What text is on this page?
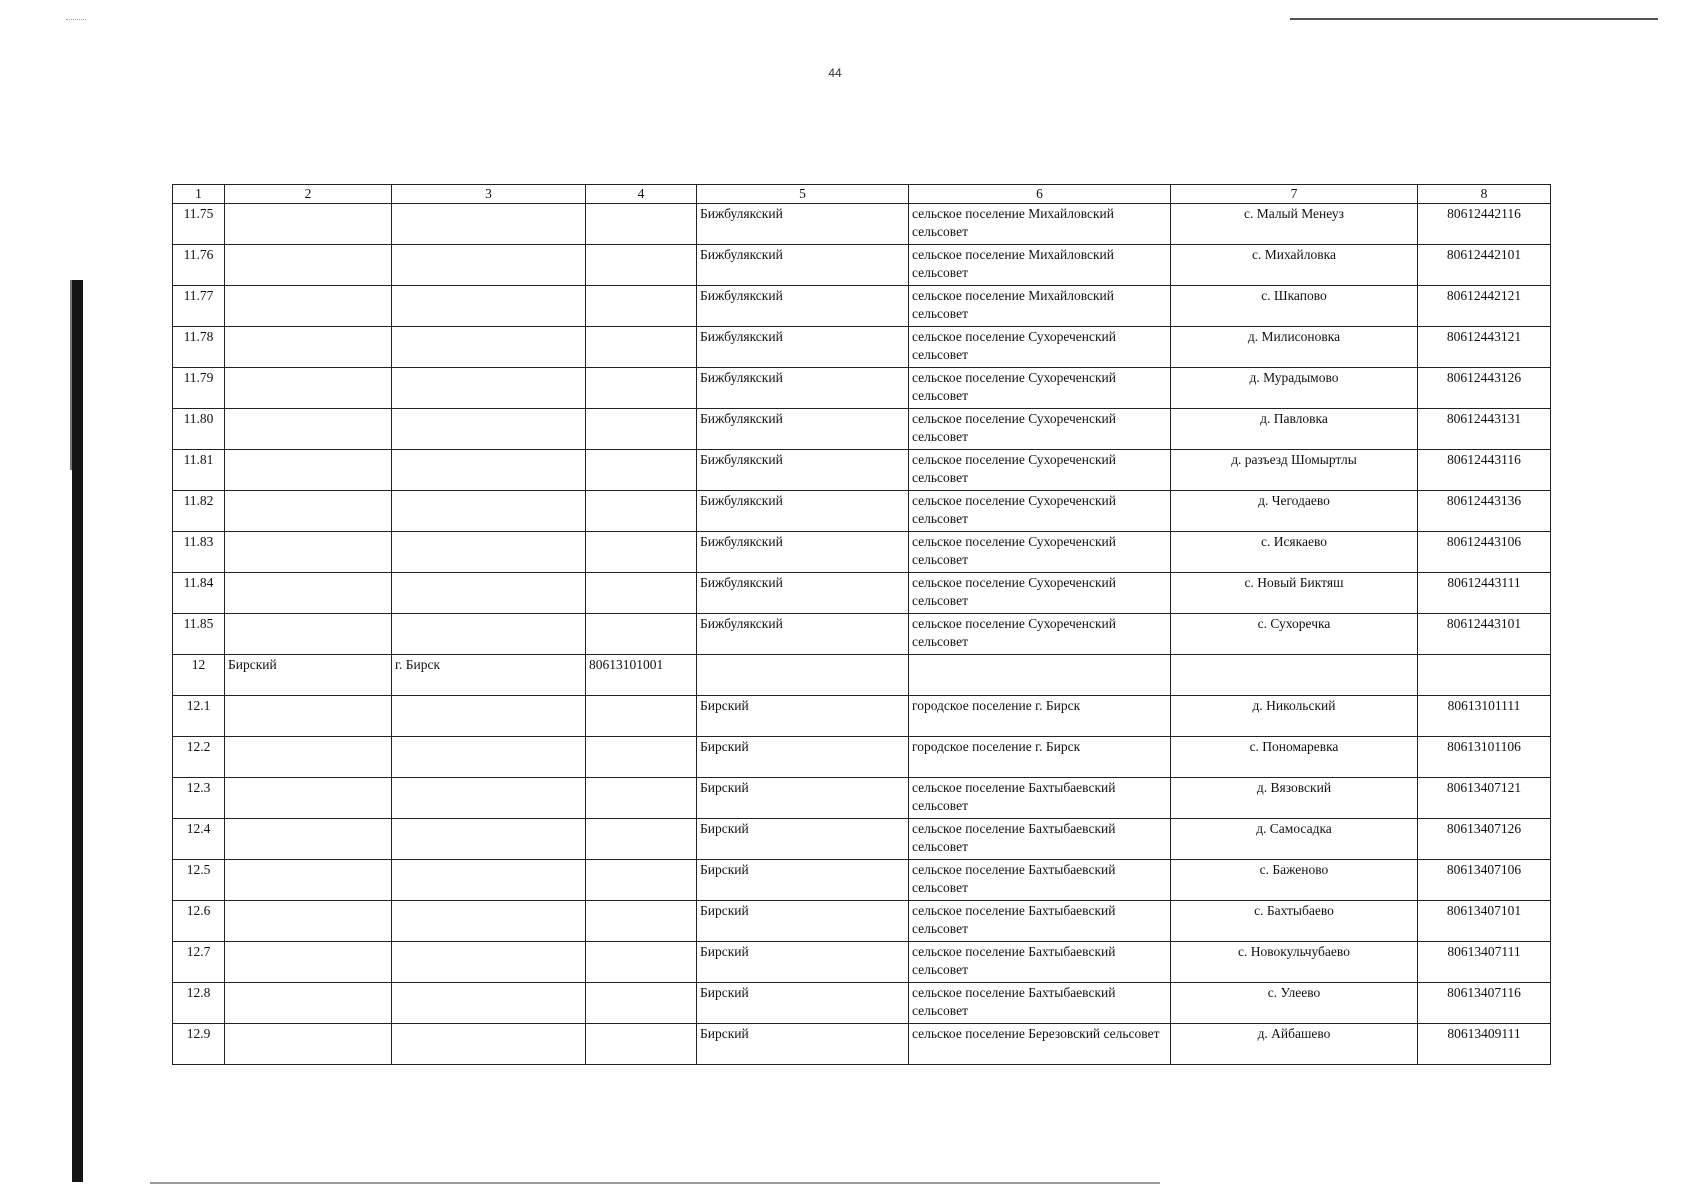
44
1	2	3	4	5	6	7	8
11.75				Бижбулякский	сельское поселение Михайловский сельсовет	с. Малый Менеуз	80612442116
11.76				Бижбулякский	сельское поселение Михайловский сельсовет	с. Михайловка	80612442101
11.77				Бижбулякский	сельское поселение Михайловский сельсовет	с. Шкапово	80612442121
11.78				Бижбулякский	сельское поселение Сухореченский сельсовет	д. Милисоновка	80612443121
11.79				Бижбулякский	сельское поселение Сухореченский сельсовет	д. Мурадымово	80612443126
11.80				Бижбулякский	сельское поселение Сухореченский сельсовет	д. Павловка	80612443131
11.81				Бижбулякский	сельское поселение Сухореченский сельсовет	д. разъезд Шомыртлы	80612443116
11.82				Бижбулякский	сельское поселение Сухореченский сельсовет	д. Чегодаево	80612443136
11.83				Бижбулякский	сельское поселение Сухореченский сельсовет	с. Исякаево	80612443106
11.84				Бижбулякский	сельское поселение Сухореченский сельсовет	с. Новый Биктяш	80612443111
11.85				Бижбулякский	сельское поселение Сухореченский сельсовет	с. Сухоречка	80612443101
12	Бирский	г. Бирск	80613101001				
12.1				Бирский	городское поселение г. Бирск	д. Никольский	80613101111
12.2				Бирский	городское поселение г. Бирск	с. Пономаревка	80613101106
12.3				Бирский	сельское поселение Бахтыбаевский сельсовет	д. Вязовский	80613407121
12.4				Бирский	сельское поселение Бахтыбаевский сельсовет	д. Самосадка	80613407126
12.5				Бирский	сельское поселение Бахтыбаевский сельсовет	с. Баженово	80613407106
12.6				Бирский	сельское поселение Бахтыбаевский сельсовет	с. Бахтыбаево	80613407101
12.7				Бирский	сельское поселение Бахтыбаевский сельсовет	с. Новокульчубаево	80613407111
12.8				Бирский	сельское поселение Бахтыбаевский сельсовет	с. Улеево	80613407116
12.9				Бирский	сельское поселение Березовский сельсовет	д. Айбашево	80613409111
